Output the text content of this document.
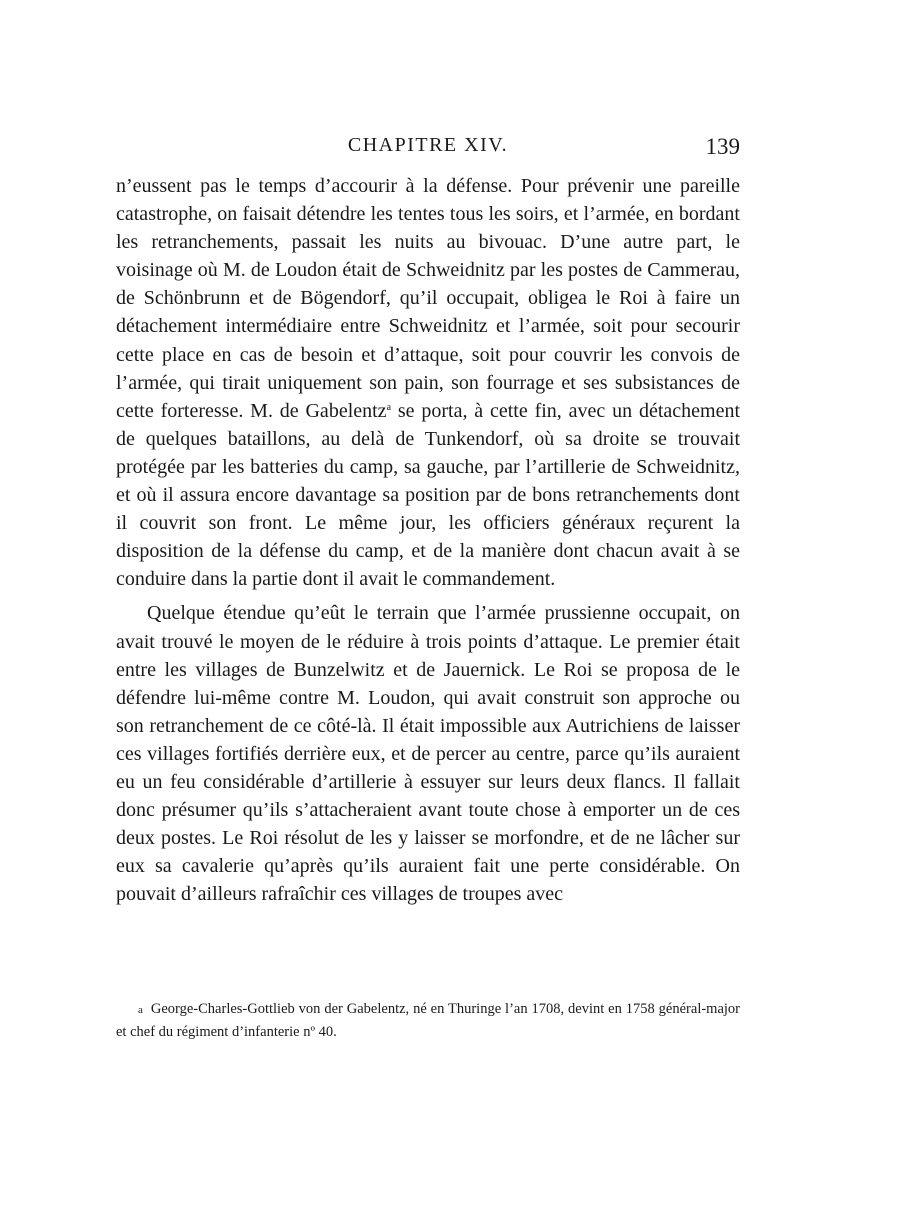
CHAPITRE XIV.	139

n’eussent pas le temps d’accourir à la défense. Pour prévenir une pareille catastrophe, on faisait détendre les tentes tous les soirs, et l’armée, en bordant les retranchements, passait les nuits au bivouac. D’une autre part, le voisinage où M. de Loudon était de Schweidnitz par les postes de Cammerau, de Schönbrunn et de Bögendorf, qu’il occupait, obligea le Roi à faire un détachement intermédiaire entre Schweidnitz et l’armée, soit pour secourir cette place en cas de besoin et d’attaque, soit pour couvrir les convois de l’armée, qui tirait uniquement son pain, son fourrage et ses subsistances de cette forteresse. M. de Gabelentz$^a$ se porta, à cette fin, avec un détachement de quelques bataillons, au delà de Tunkendorf, où sa droite se trouvait protégée par les batteries du camp, sa gauche, par l’artillerie de Schweidnitz, et où il assura encore davantage sa position par de bons retranchements dont il couvrit son front. Le même jour, les officiers généraux reçurent la disposition de la défense du camp, et de la manière dont chacun avait à se conduire dans la partie dont il avait le commandement.

Quelque étendue qu’eût le terrain que l’armée prussienne occupait, on avait trouvé le moyen de le réduire à trois points d’attaque. Le premier était entre les villages de Bunzelwitz et de Jauernick. Le Roi se proposa de le défendre lui-même contre M. Loudon, qui avait construit son approche ou son retranchement de ce côté-là. Il était impossible aux Autrichiens de laisser ces villages fortifiés derrière eux, et de percer au centre, parce qu’ils auraient eu un feu considérable d’artillerie à essuyer sur leurs deux flancs. Il fallait donc présumer qu’ils s’attacheraient avant toute chose à emporter un de ces deux postes. Le Roi résolut de les y laisser se morfondre, et de ne lâcher sur eux sa cavalerie qu’après qu’ils auraient fait une perte considérable. On pouvait d’ailleurs rafraîchir ces villages de troupes avec

a George-Charles-Gottlieb von der Gabelentz, né en Thuringe l’an 1708, devint en 1758 général-major et chef du régiment d’infanterie nº 40.
